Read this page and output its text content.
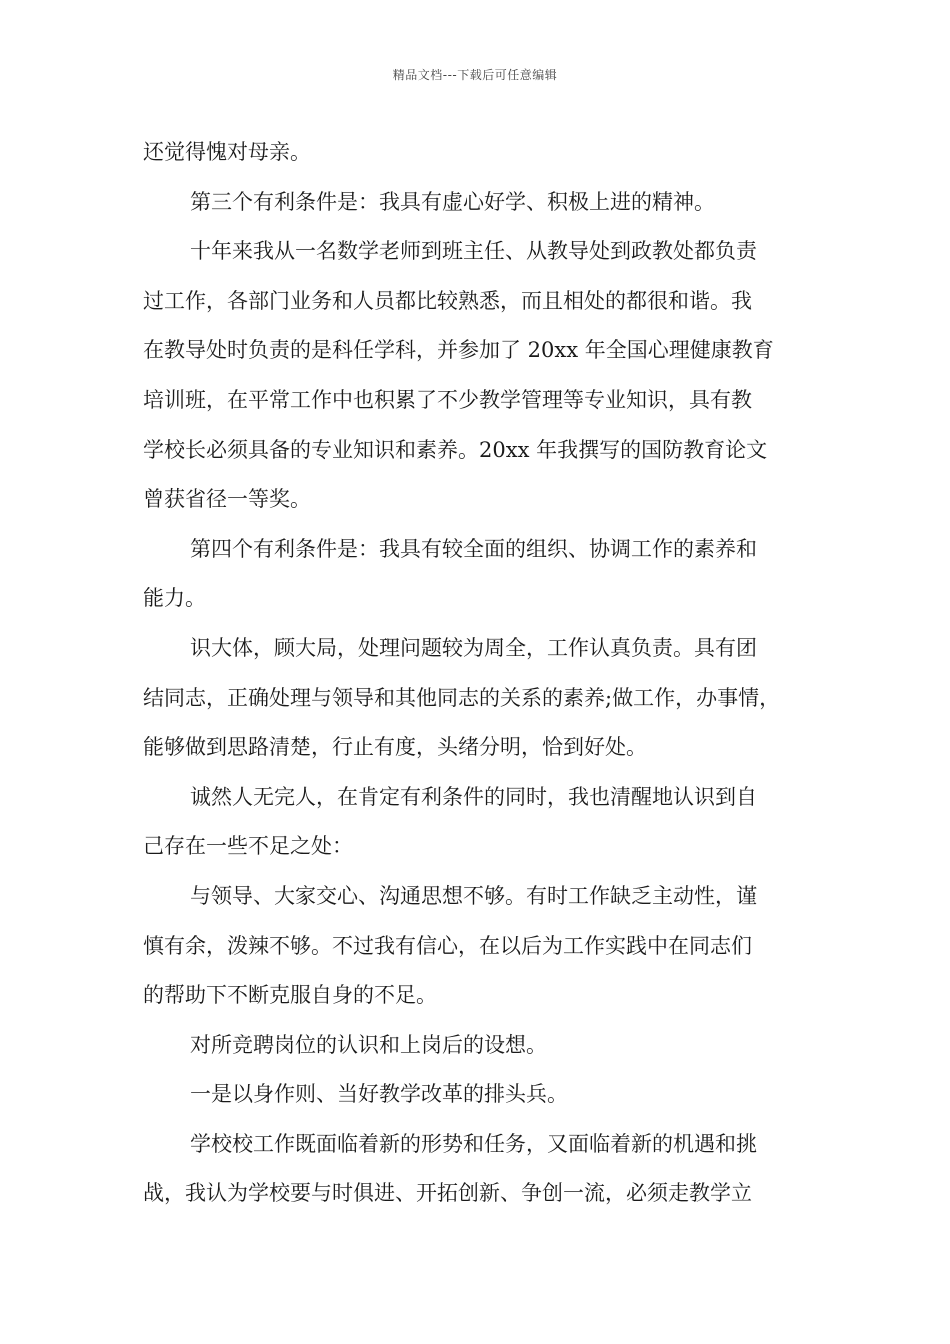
精品文档---下载后可任意编辑
还觉得愧对母亲。
第三个有利条件是：我具有虚心好学、积极上进的精神。
十年来我从一名数学老师到班主任、从教导处到政教处都负责
过工作，各部门业务和人员都比较熟悉，而且相处的都很和谐。我
在教导处时负责的是科任学科，并参加了 20xx 年全国心理健康教育
培训班，在平常工作中也积累了不少教学管理等专业知识，具有教
学校长必须具备的专业知识和素养。20xx 年我撰写的国防教育论文
曾获省径一等奖。
第四个有利条件是：我具有较全面的组织、协调工作的素养和
能力。
识大体，顾大局，处理问题较为周全，工作认真负责。具有团
结同志，正确处理与领导和其他同志的关系的素养;做工作，办事情，
能够做到思路清楚，行止有度，头绪分明，恰到好处。
诚然人无完人，在肯定有利条件的同时，我也清醒地认识到自
己存在一些不足之处：
与领导、大家交心、沟通思想不够。有时工作缺乏主动性，谨
慎有余，泼辣不够。不过我有信心，在以后为工作实践中在同志们
的帮助下不断克服自身的不足。
对所竞聘岗位的认识和上岗后的设想。
一是以身作则、当好教学改革的排头兵。
学校校工作既面临着新的形势和任务，又面临着新的机遇和挑
战，我认为学校要与时俱进、开拓创新、争创一流，必须走教学立
